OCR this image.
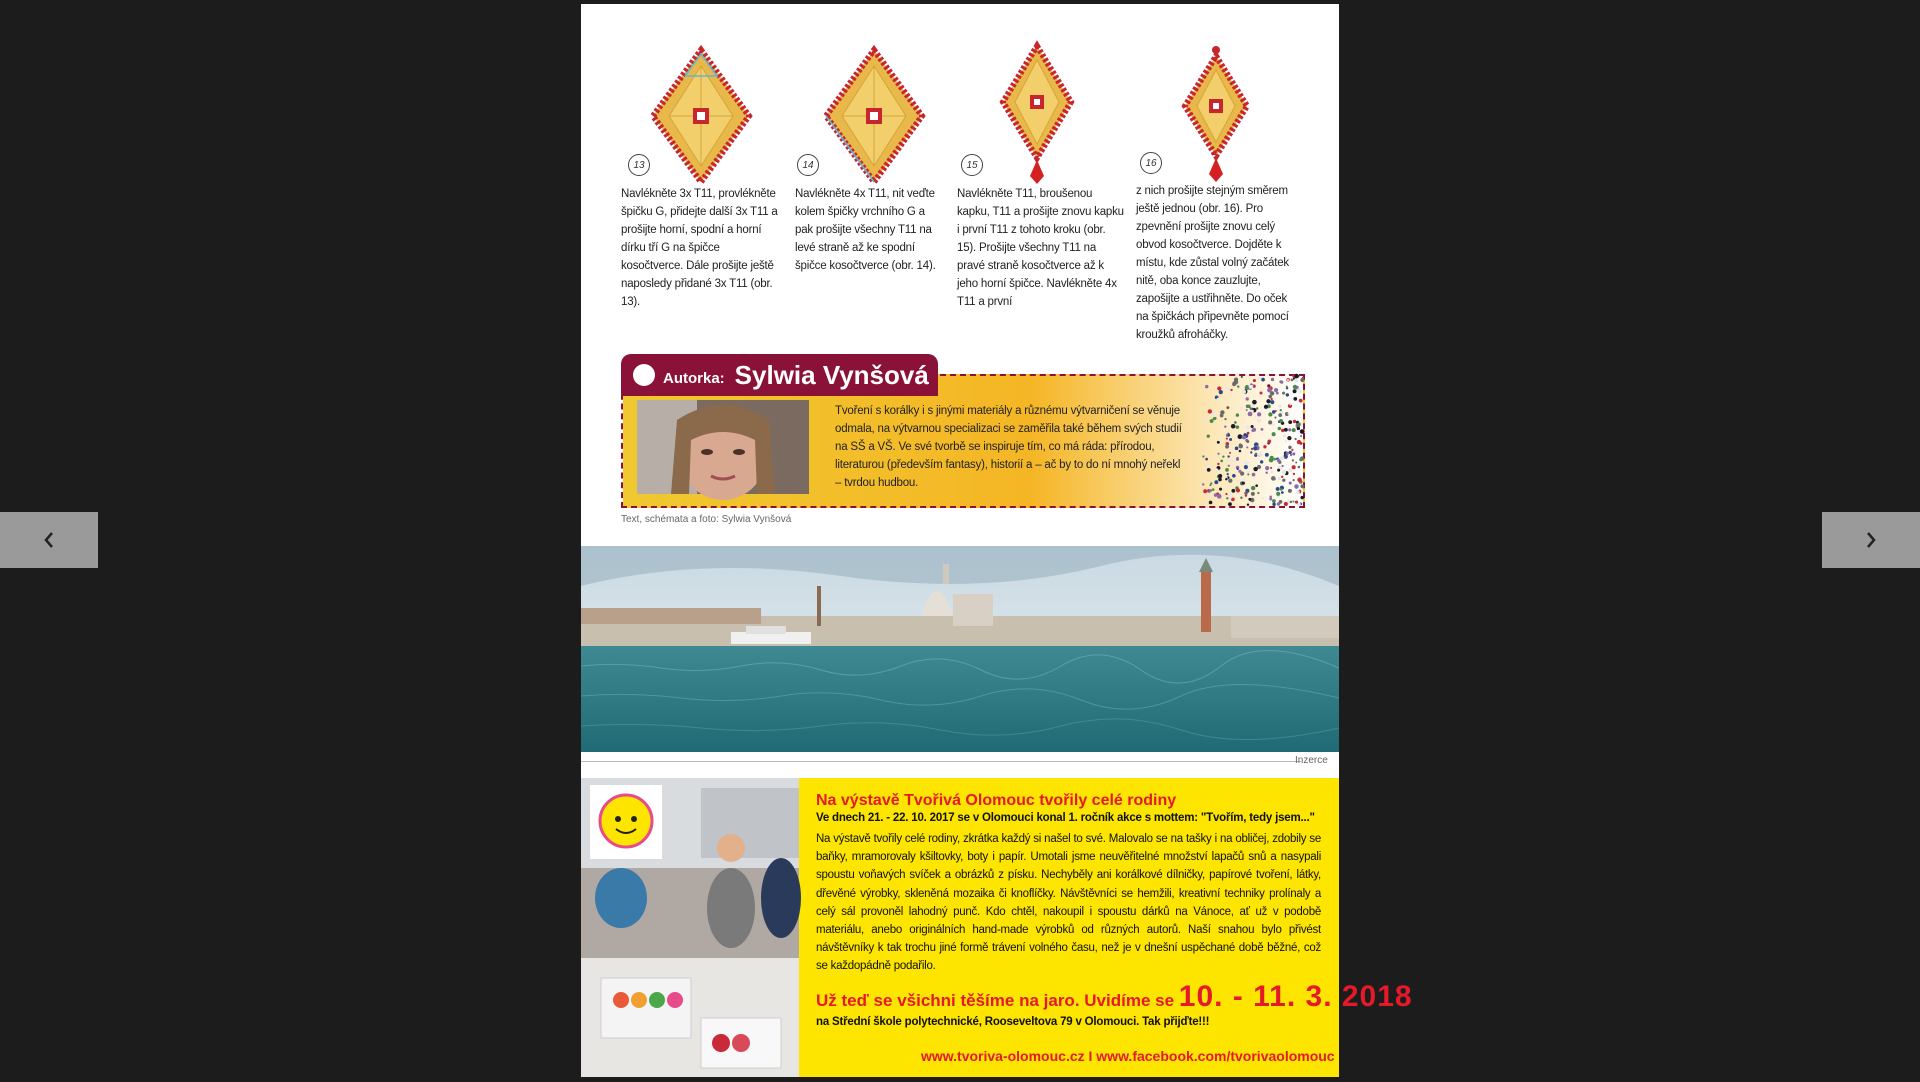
13
Navlékněte 3x T11, provlékněte špičku G, přidejte další 3x T11 a prošijte horní, spodní a horní dírku tří G na špičce kosočtverce. Dále prošijte ještě naposledy přidané 3x T11 (obr. 13).
14
Navlékněte 4x T11, nit veďte kolem špičky vrchního G a pak prošijte všechny T11 na levé straně až ke spodní špičce kosočtverce (obr. 14).
15
Navlékněte T11, broušenou kapku, T11 a prošijte znovu kapku i první T11 z tohoto kroku (obr. 15). Prošijte všechny T11 na pravé straně kosočtverce až k jeho horní špičce. Navlékněte 4x T11 a první
16
z nich prošijte stejným směrem ještě jednou (obr. 16). Pro zpevnění prošijte znovu celý obvod kosočtverce. Dojděte k místu, kde zůstal volný začátek nitě, oba konce zauzlujte, zapošijte a ustřihněte. Do oček na špičkách připevněte pomocí kroužků afroháčky.
Tvoření s korálky i s jinými materiály a různému výtvarničení se věnuje odmala, na výtvarnou specializaci se zaměřila také během svých studií na SŠ a VŠ. Ve své tvorbě se inspiruje tím, co má ráda: přírodou, literaturou (především fantasy), historií a – ač by to do ní mnohý neřekl – tvrdou hudbou.
Autorka: Sylwia Vynšová
Text, schémata a foto: Sylwia Vynšová
Inzerce
Na výstavě Tvořivá Olomouc tvořily celé rodiny
Ve dnech 21. - 22. 10. 2017 se v Olomouci konal 1. ročník akce s mottem: "Tvořím, tedy jsem..."
Na výstavě tvořily celé rodiny, zkrátka každý si našel to své. Malovalo se na tašky i na obličej, zdobily se baňky, mramorovaly kšiltovky, boty i papír. Umotali jsme neuvěřitelné množství lapačů snů a nasypali spoustu voňavých svíček a obrázků z písku. Nechyběly ani korálkové dílničky, papírové tvoření, látky, dřevěné výrobky, skleněná mozaika či knoflíčky. Návštěvníci se hemžili, kreativní techniky prolínaly a celý sál provoněl lahodný punč. Kdo chtěl, nakoupil i spoustu dárků na Vánoce, ať už v podobě materiálu, anebo originálních hand-made výrobků od různých autorů. Naší snahou bylo přivést návštěvníky k tak trochu jiné formě trávení volného času, než je v dnešní uspěchané době běžné, což se každopádně podařilo.
Už teď se všichni těšíme na jaro. Uvidíme se 10. - 11. 3. 2018
na Střední škole polytechnické, Rooseveltova 79 v Olomouci. Tak přijďte!!!
www.tvoriva-olomouc.cz I www.facebook.com/tvorivaolomouc
